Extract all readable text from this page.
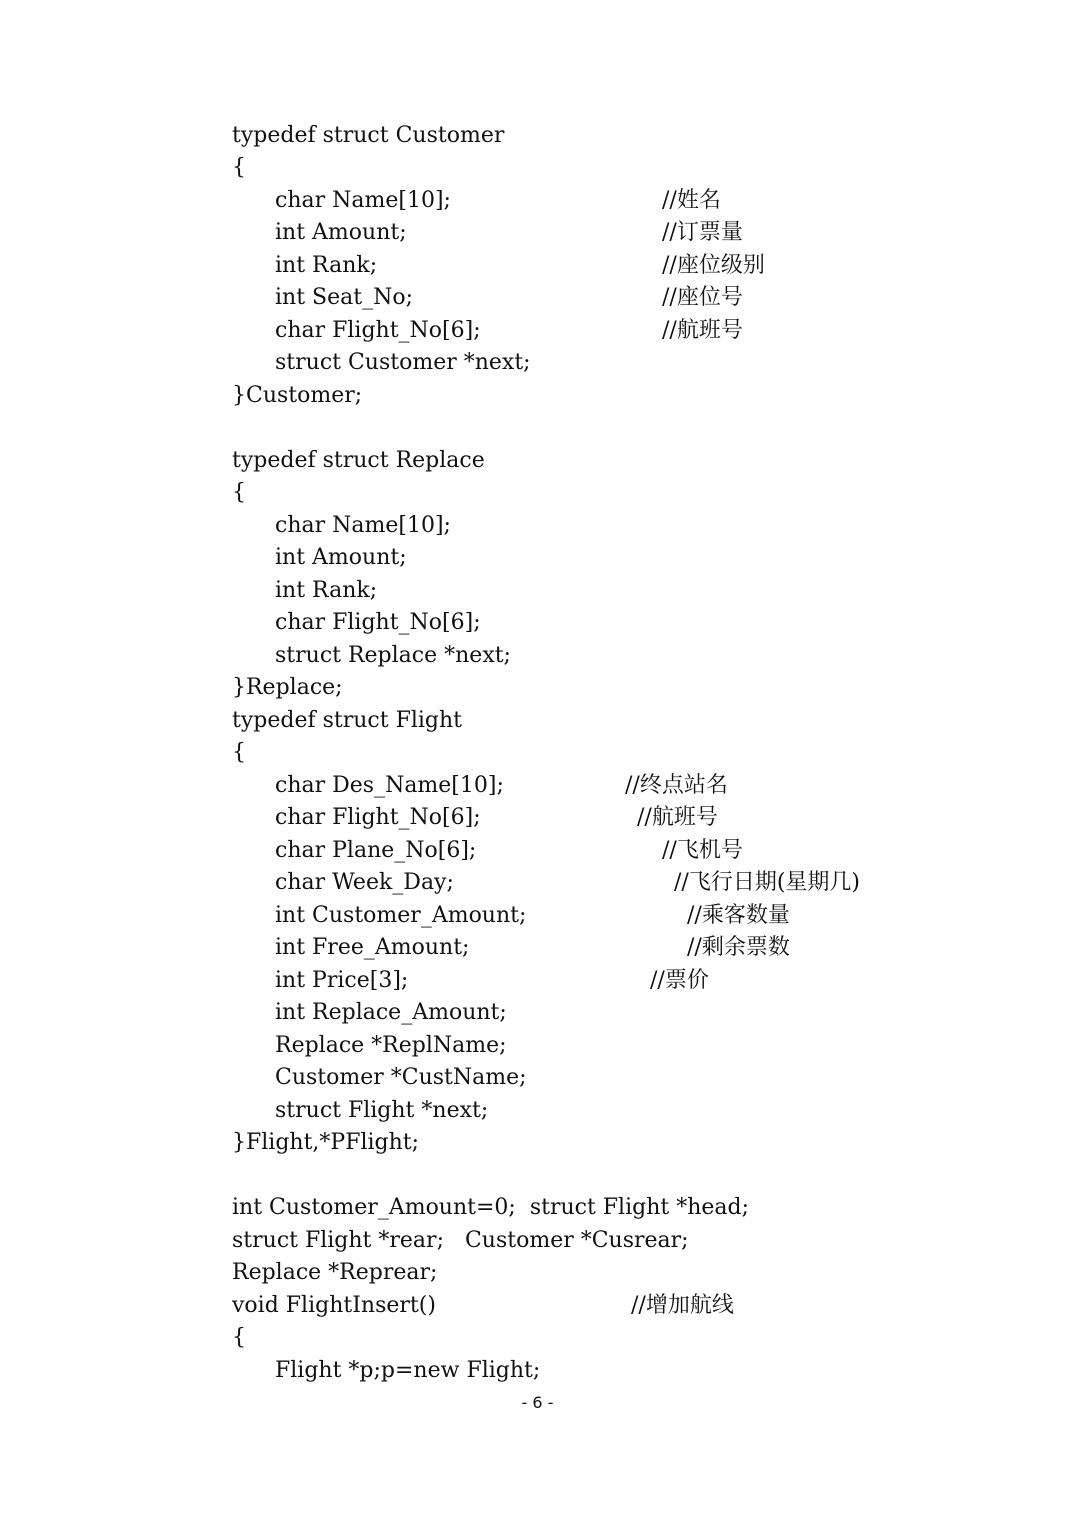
typedef struct Customer
{
char Name[10];	//姓名
int Amount;	//订票量
int Rank;	//座位级别
int Seat_No;	//座位号
char Flight_No[6];	//航班号
struct Customer *next;
}Customer;
typedef struct Replace
{
char Name[10];
int Amount;
int Rank;
char Flight_No[6];
struct Replace *next;
}Replace;
typedef struct Flight
{
char Des_Name[10];	//终点站名
char Flight_No[6];	//航班号
char Plane_No[6];	//飞机号
char Week_Day;	//飞行日期(星期几)
int Customer_Amount;	//乘客数量
int Free_Amount;	//剩余票数
int Price[3];	//票价
int Replace_Amount;
Replace *ReplName;
Customer *CustName;
struct Flight *next;
}Flight,*PFlight;
int Customer_Amount=0;  struct Flight *head;
struct Flight *rear;   Customer *Cusrear;
Replace *Reprear;
void FlightInsert()	//增加航线
{
Flight *p;p=new Flight;
- 6 -
